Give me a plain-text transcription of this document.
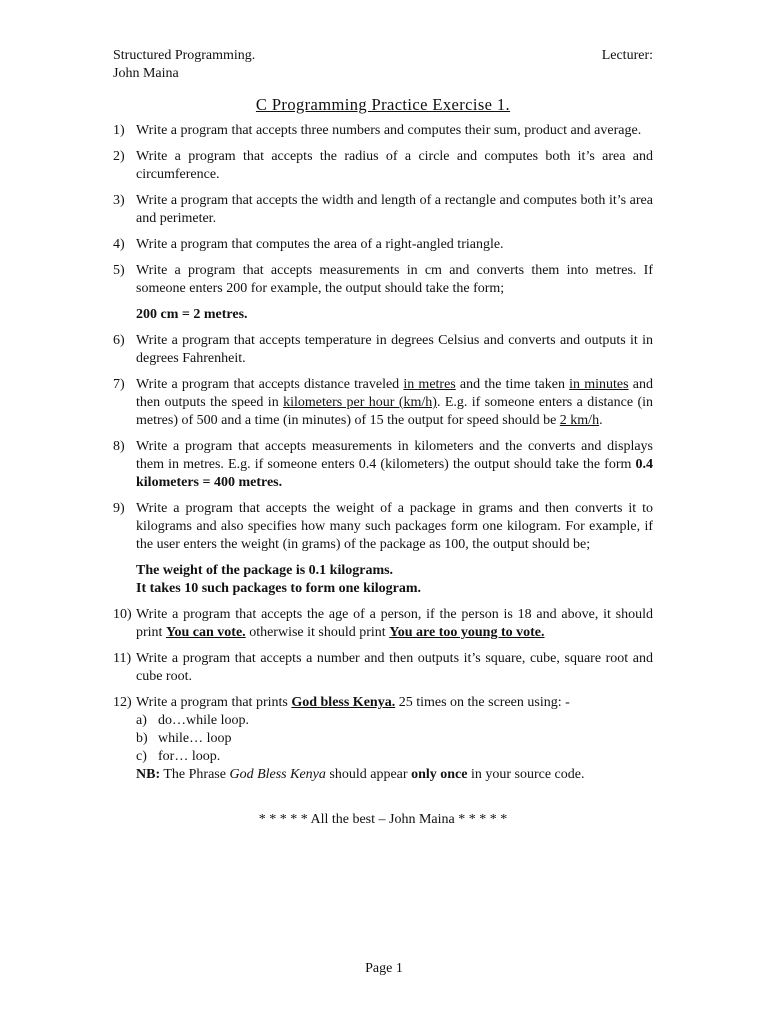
Structured Programming.	Lecturer:
John Maina
C Programming Practice Exercise 1.
1) Write a program that accepts three numbers and computes their sum, product and average.
2) Write a program that accepts the radius of a circle and computes both it’s area and circumference.
3) Write a program that accepts the width and length of a rectangle and computes both it’s area and perimeter.
4) Write a program that computes the area of a right-angled triangle.
5) Write a program that accepts measurements in cm and converts them into metres. If someone enters 200 for example, the output should take the form;
200 cm = 2 metres.
6) Write a program that accepts temperature in degrees Celsius and converts and outputs it in degrees Fahrenheit.
7) Write a program that accepts distance traveled in metres and the time taken in minutes and then outputs the speed in kilometers per hour (km/h). E.g. if someone enters a distance (in metres) of 500 and a time (in minutes) of 15 the output for speed should be 2 km/h.
8) Write a program that accepts measurements in kilometers and the converts and displays them in metres. E.g. if someone enters 0.4 (kilometers) the output should take the form 0.4 kilometers = 400 metres.
9) Write a program that accepts the weight of a package in grams and then converts it to kilograms and also specifies how many such packages form one kilogram. For example, if the user enters the weight (in grams) of the package as 100, the output should be;
The weight of the package is 0.1 kilograms.
It takes 10 such packages to form one kilogram.
10) Write a program that accepts the age of a person, if the person is 18 and above, it should print You can vote. otherwise it should print You are too young to vote.
11) Write a program that accepts a number and then outputs it’s square, cube, square root and cube root.
12) Write a program that prints God bless Kenya. 25 times on the screen using: -
a) do…while loop.
b) while… loop
c) for… loop.
NB: The Phrase God Bless Kenya should appear only once in your source code.
* * * * * All the best – John Maina * * * * *
Page 1
